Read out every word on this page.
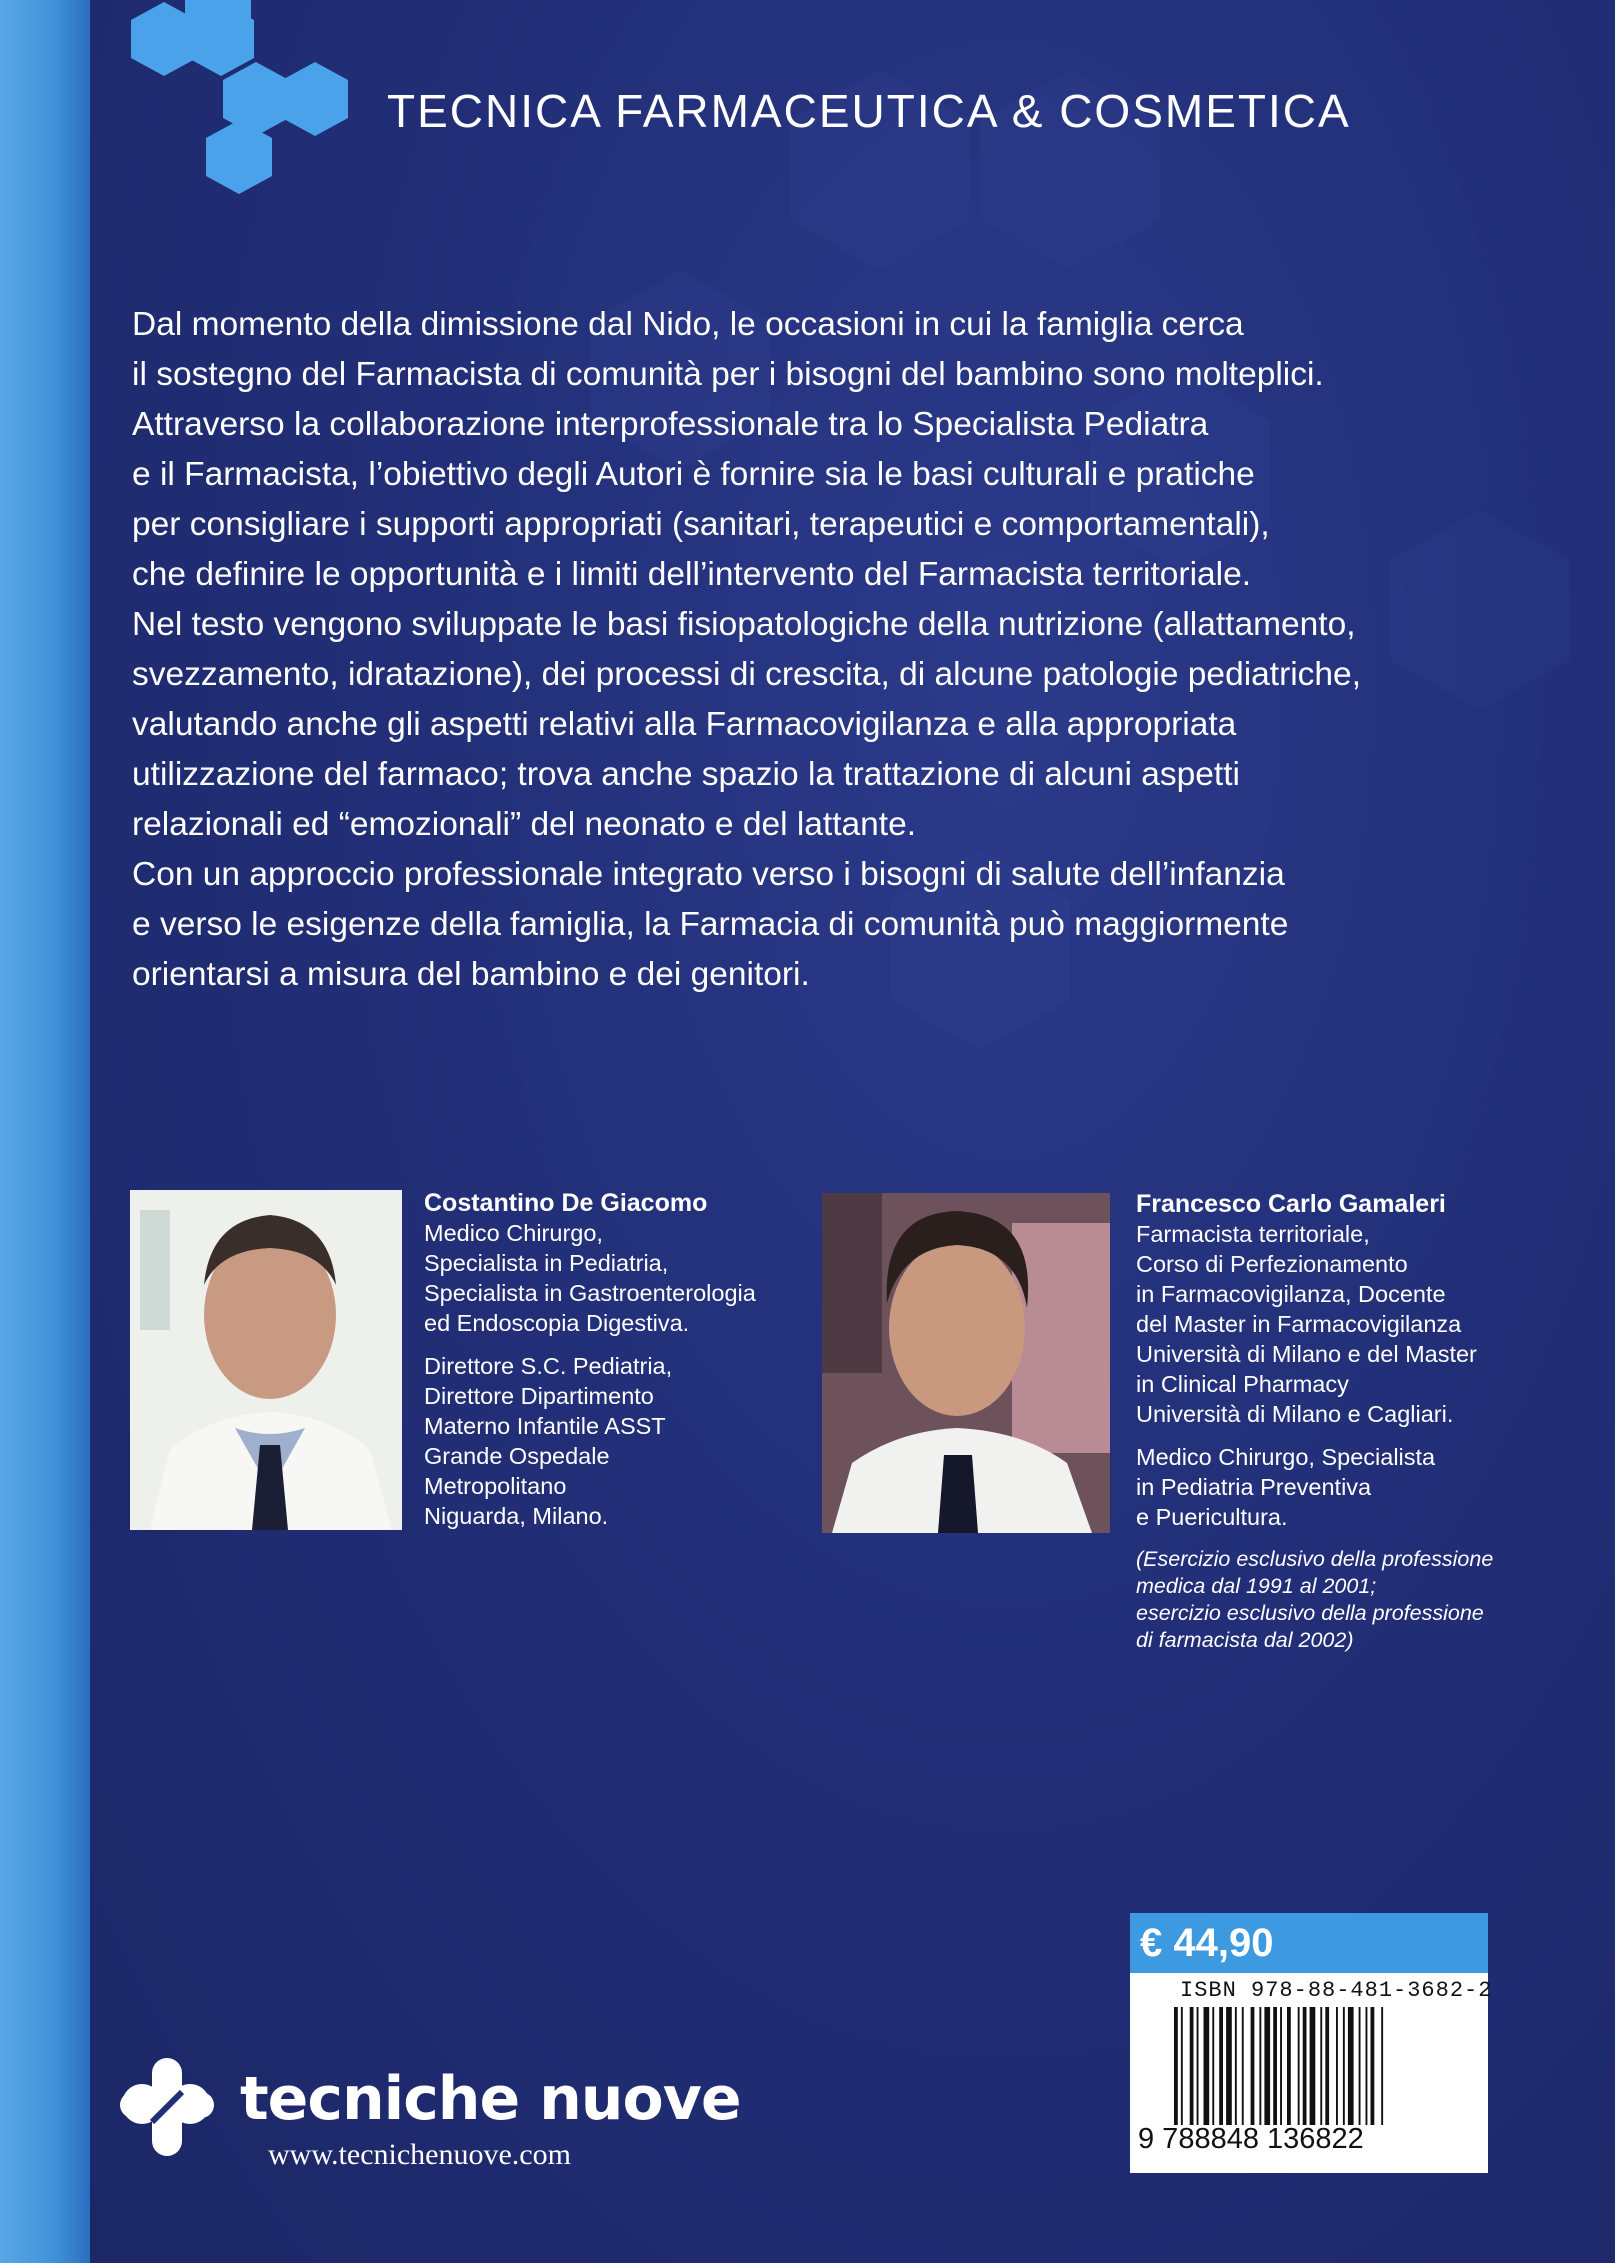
TECNICA FARMACEUTICA & COSMETICA

Dal momento della dimissione dal Nido, le occasioni in cui la famiglia cerca

il sostegno del Farmacista di comunità per i bisogni del bambino sono molteplici.

Attraverso la collaborazione interprofessionale tra lo Specialista Pediatra

e il Farmacista, l’obiettivo degli Autori è fornire sia le basi culturali e pratiche

per consigliare i supporti appropriati (sanitari, terapeutici e comportamentali),

che definire le opportunità e i limiti dell’intervento del Farmacista territoriale.

Nel testo vengono sviluppate le basi fisiopatologiche della nutrizione (allattamento,

svezzamento, idratazione), dei processi di crescita, di alcune patologie pediatriche,

valutando anche gli aspetti relativi alla Farmacovigilanza e alla appropriata

utilizzazione del farmaco; trova anche spazio la trattazione di alcuni aspetti

relazionali ed “emozionali” del neonato e del lattante.

Con un approccio professionale integrato verso i bisogni di salute dell’infanzia

e verso le esigenze della famiglia, la Farmacia di comunità può maggiormente

orientarsi a misura del bambino e dei genitori.

Costantino De Giacomo
Medico Chirurgo,
Specialista in Pediatria,
Specialista in Gastroenterologia
ed Endoscopia Digestiva.
Direttore S.C. Pediatria,
Direttore Dipartimento
Materno Infantile ASST
Grande Ospedale
Metropolitano
Niguarda, Milano.
Francesco Carlo Gamaleri
Farmacista territoriale,
Corso di Perfezionamento
in Farmacovigilanza, Docente
del Master in Farmacovigilanza
Università di Milano e del Master
in Clinical Pharmacy
Università di Milano e Cagliari.
Medico Chirurgo, Specialista
in Pediatria Preventiva
e Puericultura.
(Esercizio esclusivo della professione
medica dal 1991 al 2001;
esercizio esclusivo della professione
di farmacista dal 2002)
tecniche nuove
www.tecnichenuove.com
€ 44,90
ISBN 978-88-481-3682-2
9 788848 136822
